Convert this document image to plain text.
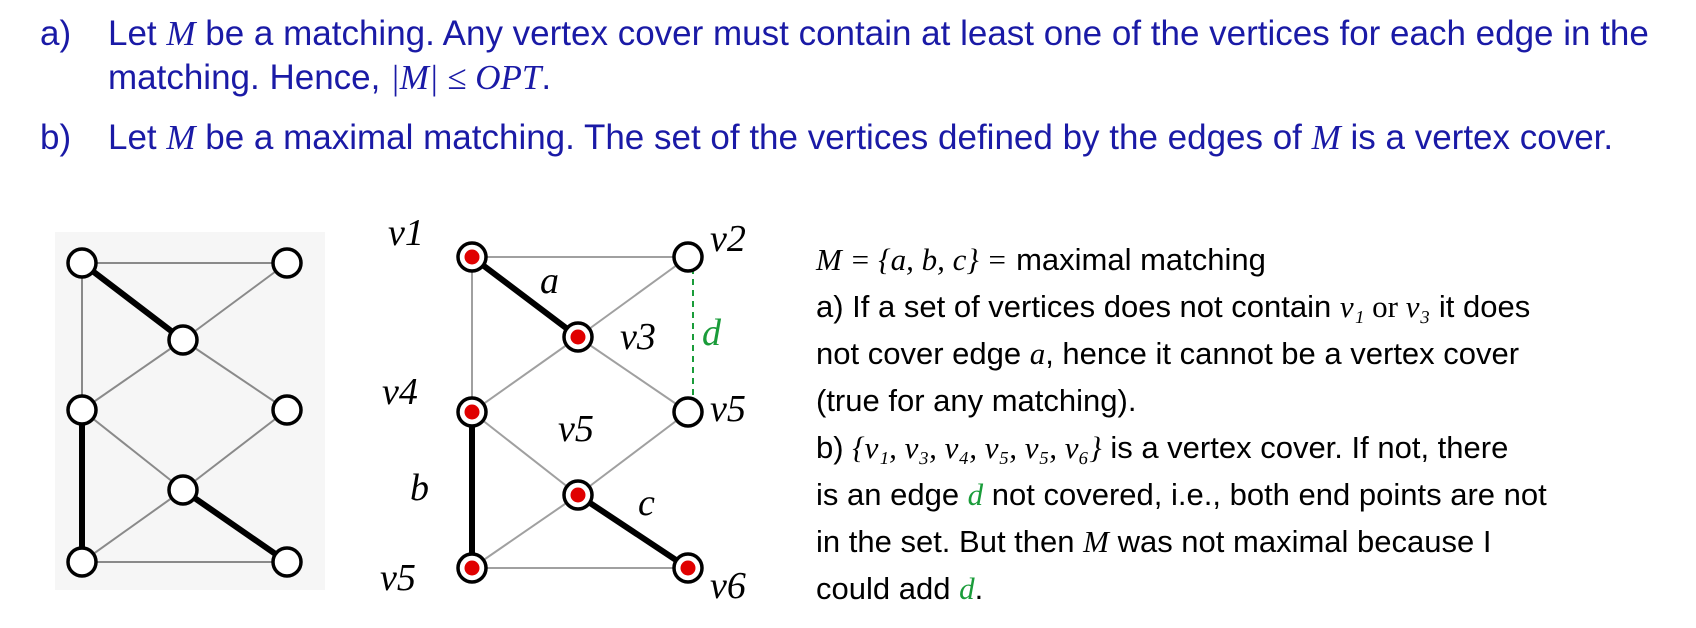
a) Let M be a matching. Any vertex cover must contain at least one of the vertices for each edge in the matching. Hence, |M| ≤ OPT.
b) Let M be a maximal matching. The set of the vertices defined by the edges of M is a vertex cover.
v1	v2
v3
v4	v5
v5
v5	v6
a
b	c
d
M = {a, b, c} = maximal matching
a) If a set of vertices does not contain v₁ or v₃ it does
not cover edge a, hence it cannot be a vertex cover
(true for any matching).
b) {v₁, v₃, v₄, v₅, v₅, v₆} is a vertex cover. If not, there
is an edge d not covered, i.e., both end points are not
in the set. But then M was not maximal because I
could add d.
